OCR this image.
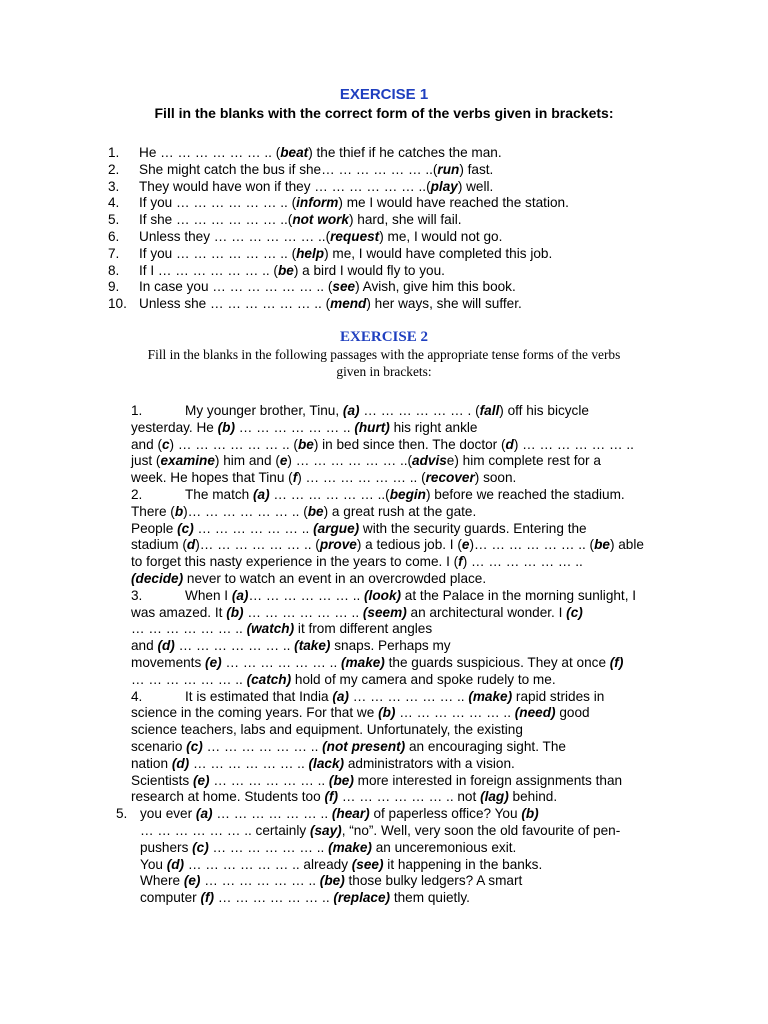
EXERCISE 1
Fill in the blanks with the correct form of the verbs given in brackets:
1. He … … … … … … .. (beat) the thief if he catches the man.
2. She might catch the bus if she… … … … … … ..(run) fast.
3. They would have won if they … … … … … … ..(play) well.
4. If you … … … … … … .. (inform) me I would have reached the station.
5. If she … … … … … … ..(not work) hard, she will fail.
6. Unless they … … … … … … ..(request) me, I would not go.
7. If you … … … … … … .. (help) me, I would have completed this job.
8. If I … … … … … … .. (be) a bird I would fly to you.
9. In case you … … … … … … .. (see) Avish, give him this book.
10. Unless she … … … … … … .. (mend) her ways, she will suffer.
EXERCISE 2
Fill in the blanks in the following passages with the appropriate tense forms of the verbs
given in brackets:
1.	My younger brother, Tinu, (a) … … … … … … . (fall) off his bicycle
yesterday. He (b) … … … … … … .. (hurt) his right ankle
and (c) … … … … … … .. (be) in bed since then. The doctor (d) … … … … … … ..
just (examine) him and (e) … … … … … … ..(advise) him complete rest for a
week. He hopes that Tinu (f) … … … … … … .. (recover) soon.
2.	The match (a) … … … … … … ..(begin) before we reached the stadium.
There (b)… … … … … … .. (be) a great rush at the gate.
People (c) … … … … … … .. (argue) with the security guards. Entering the
stadium (d)… … … … … … .. (prove) a tedious job. I (e)… … … … … … .. (be) able
to forget this nasty experience in the years to come. I (f) … … … … … … ..
(decide) never to watch an event in an overcrowded place.
3.	When I (a)… … … … … … .. (look) at the Palace in the morning sunlight, I
was amazed. It (b) … … … … … … .. (seem) an architectural wonder. I (c)
… … … … … … .. (watch) it from different angles
and (d) … … … … … … .. (take) snaps. Perhaps my
movements (e) … … … … … … .. (make) the guards suspicious. They at once (f)
… … … … … … .. (catch) hold of my camera and spoke rudely to me.
4.	It is estimated that India (a) … … … … … … .. (make) rapid strides in
science in the coming years. For that we (b) … … … … … … .. (need) good
science teachers, labs and equipment. Unfortunately, the existing
scenario (c) … … … … … … .. (not present) an encouraging sight. The
nation (d) … … … … … … .. (lack) administrators with a vision.
Scientists (e) … … … … … … .. (be) more interested in foreign assignments than
research at home. Students too (f) … … … … … … .. not (lag) behind.
5. you ever (a) … … … … … … .. (hear) of paperless office? You (b)
… … … … … … .. certainly (say), “no”. Well, very soon the old favourite of pen-
pushers (c) … … … … … … .. (make) an unceremonious exit.
You (d) … … … … … … .. already (see) it happening in the banks.
Where (e) … … … … … … .. (be) those bulky ledgers? A smart
computer (f) … … … … … … .. (replace) them quietly.
